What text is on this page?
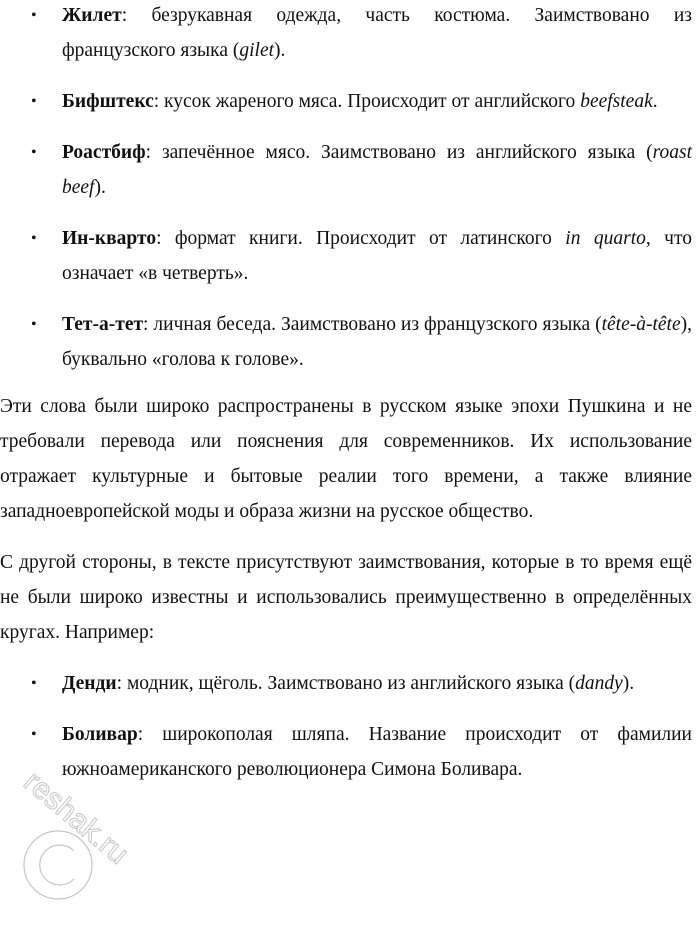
• Жилет: безрукавная одежда, часть костюма. Заимствовано из французского языка (gilet).
• Бифштекс: кусок жареного мяса. Происходит от английского beefsteak.
• Роастбиф: запечённое мясо. Заимствовано из английского языка (roast beef).
• Ин-кварто: формат книги. Происходит от латинского in quarto, что означает «в четверть».
• Тет-а-тет: личная беседа. Заимствовано из французского языка (tête-à-tête), буквально «голова к голове».

Эти слова были широко распространены в русском языке эпохи Пушкина и не требовали перевода или пояснения для современников. Их использование отражает культурные и бытовые реалии того времени, а также влияние западноевропейской моды и образа жизни на русское общество.

С другой стороны, в тексте присутствуют заимствования, которые в то время ещё не были широко известны и использовались преимущественно в определённых кругах. Например:

• Денди: модник, щёголь. Заимствовано из английского языка (dandy).
• Боливар: широкополая шляпа. Название происходит от фамилии южноамериканского революционера Симона Боливара.
reshak.ru
